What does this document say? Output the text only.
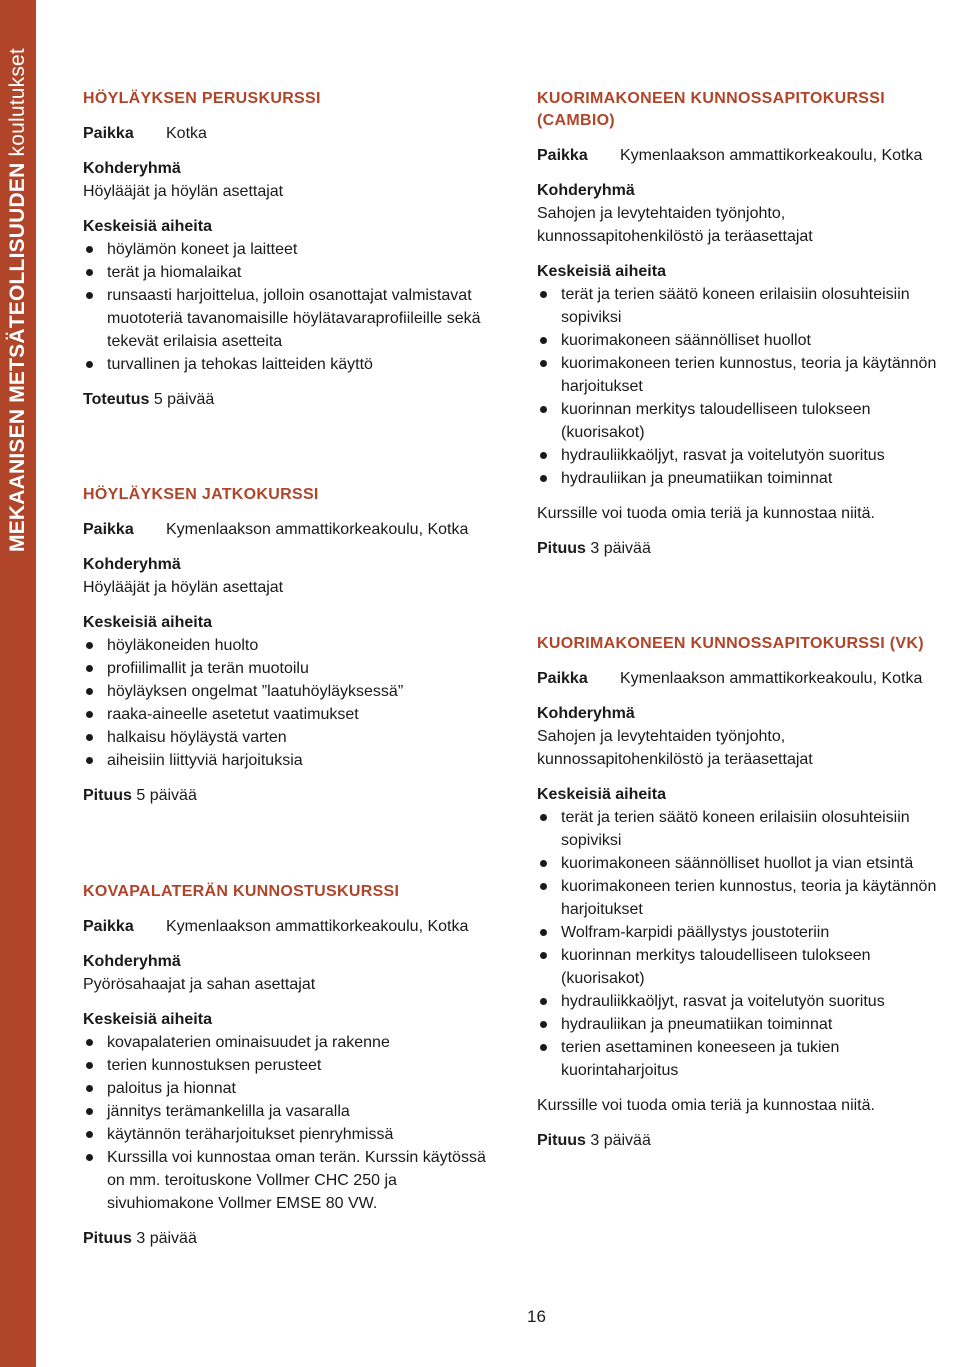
MEKAANISEN METSÄTEOLLISUUDEN koulutukset	HÖYLÄYKSEN PERUSKURSSI
Paikka	Kotka
Kohderyhmä
Höylääjät ja höylän asettajat
Keskeisiä aiheita
höylämön koneet ja laitteet
terät ja hiomalaikat
runsaasti harjoittelua, jolloin osanottajat valmistavat muototeriä tavanomaisille höylätavaraprofiileille sekä tekevät erilaisia asetteita
turvallinen ja tehokas laitteiden käyttö
Toteutus 5 päivää
HÖYLÄYKSEN JATKOKURSSI
Paikka	Kymenlaakson ammattikorkeakoulu, Kotka
Kohderyhmä
Höylääjät ja höylän asettajat
Keskeisiä aiheita
höyläkoneiden huolto
profiilimallit ja terän muotoilu
höyläyksen ongelmat ”laatuhöyläyksessä”
raaka-aineelle asetetut vaatimukset
halkaisu höyläystä varten
aiheisiin liittyviä harjoituksia
Pituus 5 päivää
KOVAPALATERÄN KUNNOSTUSKURSSI
Paikka	Kymenlaakson ammattikorkeakoulu, Kotka
Kohderyhmä
Pyörösahaajat ja sahan asettajat
Keskeisiä aiheita
kovapalaterien ominaisuudet ja rakenne
terien kunnostuksen perusteet
paloitus ja hionnat
jännitys terämankelilla ja vasaralla
käytännön teräharjoitukset pienryhmissä
Kurssilla voi kunnostaa oman terän. Kurssin käytössä on mm. teroituskone Vollmer CHC 250 ja sivuhiomakone Vollmer EMSE 80 VW.
Pituus 3 päivää
KUORIMAKONEEN KUNNOSSAPITOKURSSI (CAMBIO)
Paikka	Kymenlaakson ammattikorkeakoulu, Kotka
Kohderyhmä
Sahojen ja levytehtaiden työnjohto, kunnossapitohenkilöstö ja teräasettajat
Keskeisiä aiheita
terät ja terien säätö koneen erilaisiin olosuhteisiin sopiviksi
kuorimakoneen säännölliset huollot
kuorimakoneen terien kunnostus, teoria ja käytännön harjoitukset
kuorinnan merkitys taloudelliseen tulokseen (kuorisakot)
hydrauliikkaöljyt, rasvat ja voitelutyön suoritus
hydrauliikan ja pneumatiikan toiminnat
Kurssille voi tuoda omia teriä ja kunnostaa niitä.
Pituus 3 päivää
KUORIMAKONEEN KUNNOSSAPITOKURSSI (VK)
Paikka	Kymenlaakson ammattikorkeakoulu, Kotka
Kohderyhmä
Sahojen ja levytehtaiden työnjohto, kunnossapitohenkilöstö ja teräasettajat
Keskeisiä aiheita
terät ja terien säätö koneen erilaisiin olosuhteisiin sopiviksi
kuorimakoneen säännölliset huollot ja vian etsintä
kuorimakoneen terien kunnostus, teoria ja käytännön harjoitukset
Wolfram-karpidi päällystys joustoteriin
kuorinnan merkitys taloudelliseen tulokseen (kuorisakot)
hydrauliikkaöljyt, rasvat ja voitelutyön suoritus
hydrauliikan ja pneumatiikan toiminnat
terien asettaminen koneeseen ja tukien kuorintaharjoitus
Kurssille voi tuoda omia teriä ja kunnostaa niitä.
Pituus 3 päivää
16
